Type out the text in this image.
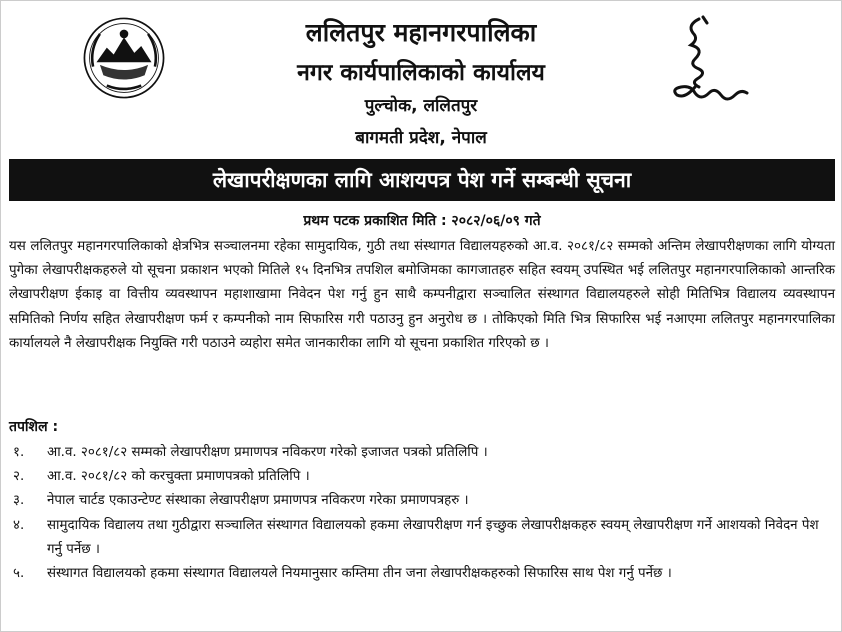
ललितपुर महानगरपालिका
नगर कार्यपालिकाको कार्यालय
पुल्चोक, ललितपुर
बागमती प्रदेश, नेपाल
लेखापरीक्षणका लागि आशयपत्र पेश गर्ने सम्बन्धी सूचना
प्रथम पटक प्रकाशित मिति : २०८२/०६/०९ गते

यस ललितपुर महानगरपालिकाको क्षेत्रभित्र सञ्चालनमा रहेका सामुदायिक, गुठी तथा संस्थागत विद्यालयहरुको आ.व. २०८१/८२ सम्मको अन्तिम लेखापरीक्षणका लागि योग्यता पुगेका लेखापरीक्षकहरुले यो सूचना प्रकाशन भएको मितिले १५ दिनभित्र तपशिल बमोजिमका कागजातहरु सहित स्वयम् उपस्थित भई ललितपुर महानगरपालिकाको आन्तरिक लेखापरीक्षण ईकाइ वा वित्तीय व्यवस्थापन महाशाखामा निवेदन पेश गर्नु हुन साथै कम्पनीद्वारा सञ्चालित संस्थागत विद्यालयहरुले सोही मितिभित्र विद्यालय व्यवस्थापन समितिको निर्णय सहित लेखापरीक्षण फर्म र कम्पनीको नाम सिफारिस गरी पठाउनु हुन अनुरोध छ । तोकिएको मिति भित्र सिफारिस भई नआएमा ललितपुर महानगरपालिका कार्यालयले नै लेखापरीक्षक नियुक्ति गरी पठाउने व्यहोरा समेत जानकारीका लागि यो सूचना प्रकाशित गरिएको छ ।

तपशिल :
१. आ.व. २०८१/८२ सम्मको लेखापरीक्षण प्रमाणपत्र नविकरण गरेको इजाजत पत्रको प्रतिलिपि ।
२. आ.व. २०८१/८२ को करचुक्ता प्रमाणपत्रको प्रतिलिपि ।
३. नेपाल चार्टड एकाउन्टेण्ट संस्थाका लेखापरीक्षण प्रमाणपत्र नविकरण गरेका प्रमाणपत्रहरु ।
४. सामुदायिक विद्यालय तथा गुठीद्वारा सञ्चालित संस्थागत विद्यालयको हकमा लेखापरीक्षण गर्न इच्छुक लेखापरीक्षकहरु स्वयम् लेखापरीक्षण गर्ने आशयको निवेदन पेश गर्नु पर्नेछ ।
५. संस्थागत विद्यालयको हकमा संस्थागत विद्यालयले नियमानुसार कम्तिमा तीन जना लेखापरीक्षकहरुको सिफारिस साथ पेश गर्नु पर्नेछ ।
